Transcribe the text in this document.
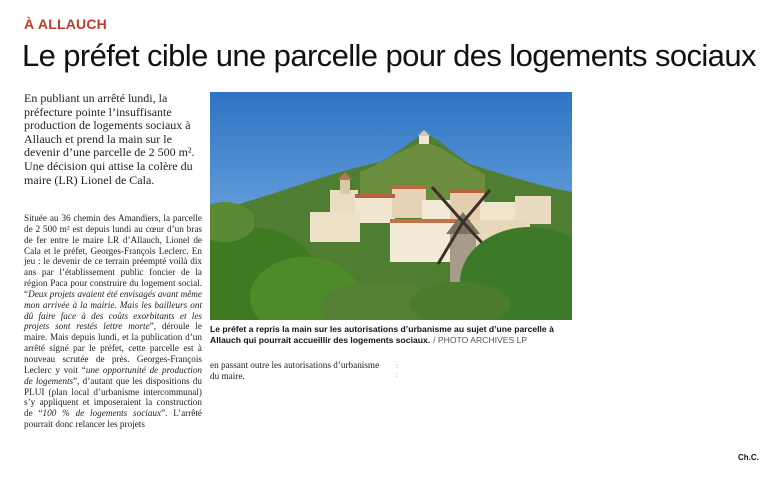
À ALLAUCH
Le préfet cible une parcelle pour des logements sociaux

En publiant un arrêté lundi, la préfecture pointe l’insuffisante production de logements sociaux à Allauch et prend la main sur le devenir d’une parcelle de 2 500 m². Une décision qui attise la colère du maire (LR) Lionel de Cala.

Située au 36 chemin des Amandiers, la parcelle de 2 500 m² est depuis lundi au cœur d’un bras de fer entre le maire LR d’Allauch, Lionel de Cala et le préfet, Georges-François Leclerc. En jeu : le devenir de ce terrain préempté voilà dix ans par l’établissement public foncier de la région Paca pour construire du logement social. “Deux projets avaient été envisagés avant même mon arrivée à la mairie. Mais les bailleurs ont dû faire face à des coûts exorbitants et les projets sont restés lettre morte”, déroule le maire. Mais depuis lundi, et la publication d’un arrêté signé par le préfet, cette parcelle est à nouveau scrutée de près. Georges-François Leclerc y voit “une opportunité de production de logements”, d’autant que les dispositions du PLUI (plan local d’urbanisme intercommunal) s’y appliquent et imposeraient la construction de “100 % de logements sociaux”. L’arrêté pourrait donc relancer les projets

Le préfet a repris la main sur les autorisations d’urbanisme au sujet d’une parcelle à Allauch qui pourrait accueillir des logements sociaux. / PHOTO ARCHIVES LP

en passant outre les autorisations d’urbanisme du maire.

:
:
Ch.C.
